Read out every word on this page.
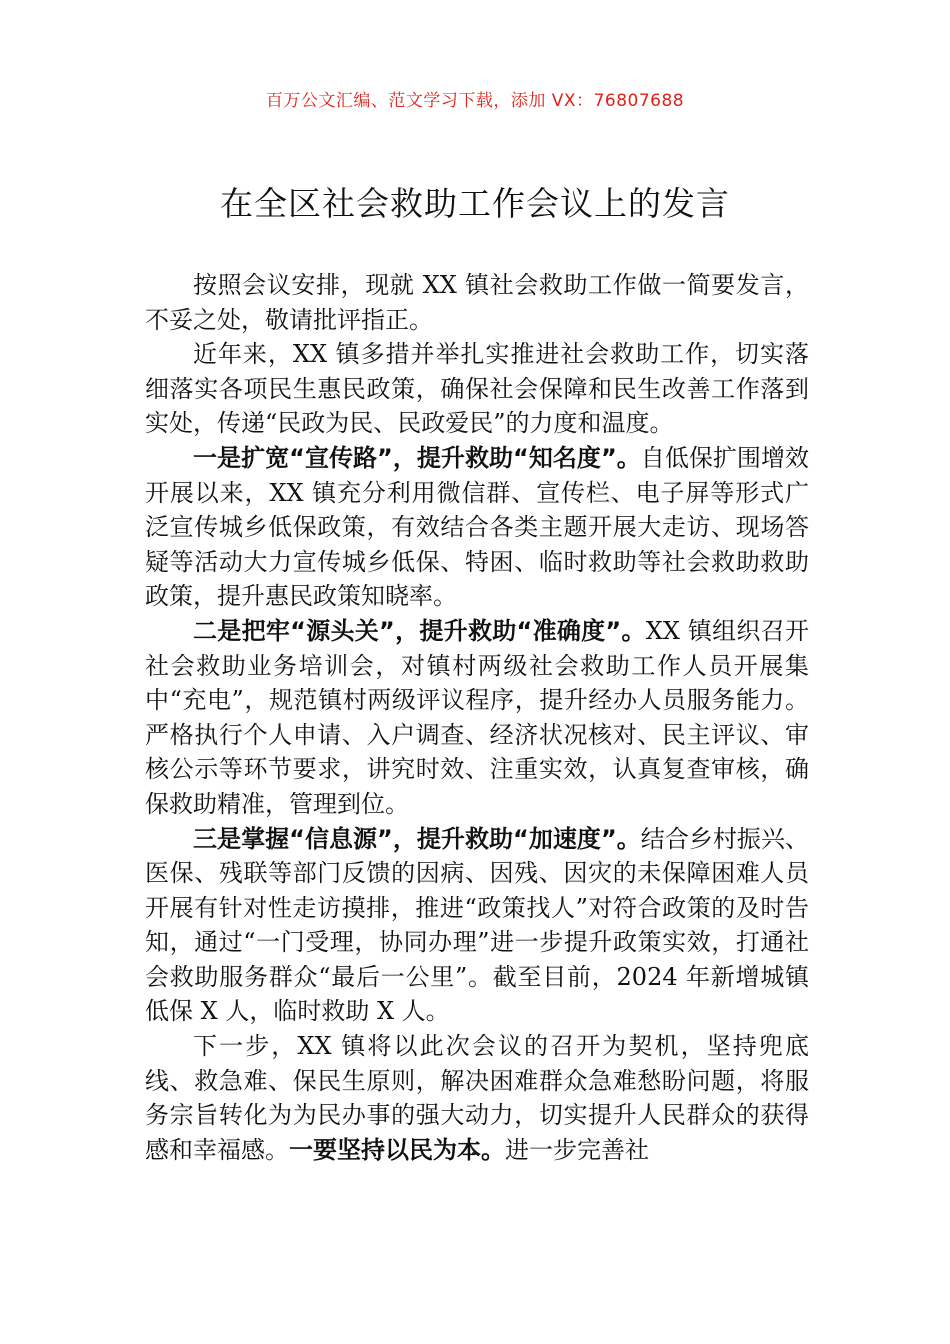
百万公文汇编、范文学习下载，添加 VX：76807688
在全区社会救助工作会议上的发言

按照会议安排，现就 XX 镇社会救助工作做一简要发言，不妥之处，敬请批评指正。

近年来，XX 镇多措并举扎实推进社会救助工作，切实落细落实各项民生惠民政策，确保社会保障和民生改善工作落到实处，传递“民政为民、民政爱民”的力度和温度。

一是扩宽“宣传路”，提升救助“知名度”。自低保扩围增效开展以来，XX 镇充分利用微信群、宣传栏、电子屏等形式广泛宣传城乡低保政策，有效结合各类主题开展大走访、现场答疑等活动大力宣传城乡低保、特困、临时救助等社会救助救助政策，提升惠民政策知晓率。

二是把牢“源头关”，提升救助“准确度”。XX 镇组织召开社会救助业务培训会，对镇村两级社会救助工作人员开展集中“充电”，规范镇村两级评议程序，提升经办人员服务能力。严格执行个人申请、入户调查、经济状况核对、民主评议、审核公示等环节要求，讲究时效、注重实效，认真复查审核，确保救助精准，管理到位。

三是掌握“信息源”，提升救助“加速度”。结合乡村振兴、医保、残联等部门反馈的因病、因残、因灾的未保障困难人员开展有针对性走访摸排，推进“政策找人”对符合政策的及时告知，通过“一门受理，协同办理”进一步提升政策实效，打通社会救助服务群众“最后一公里”。截至目前，2024 年新增城镇低保 X 人，临时救助 X 人。

下一步，XX 镇将以此次会议的召开为契机，坚持兜底线、救急难、保民生原则，解决困难群众急难愁盼问题，将服务宗旨转化为为民办事的强大动力，切实提升人民群众的获得感和幸福感。一要坚持以民为本。进一步完善社
